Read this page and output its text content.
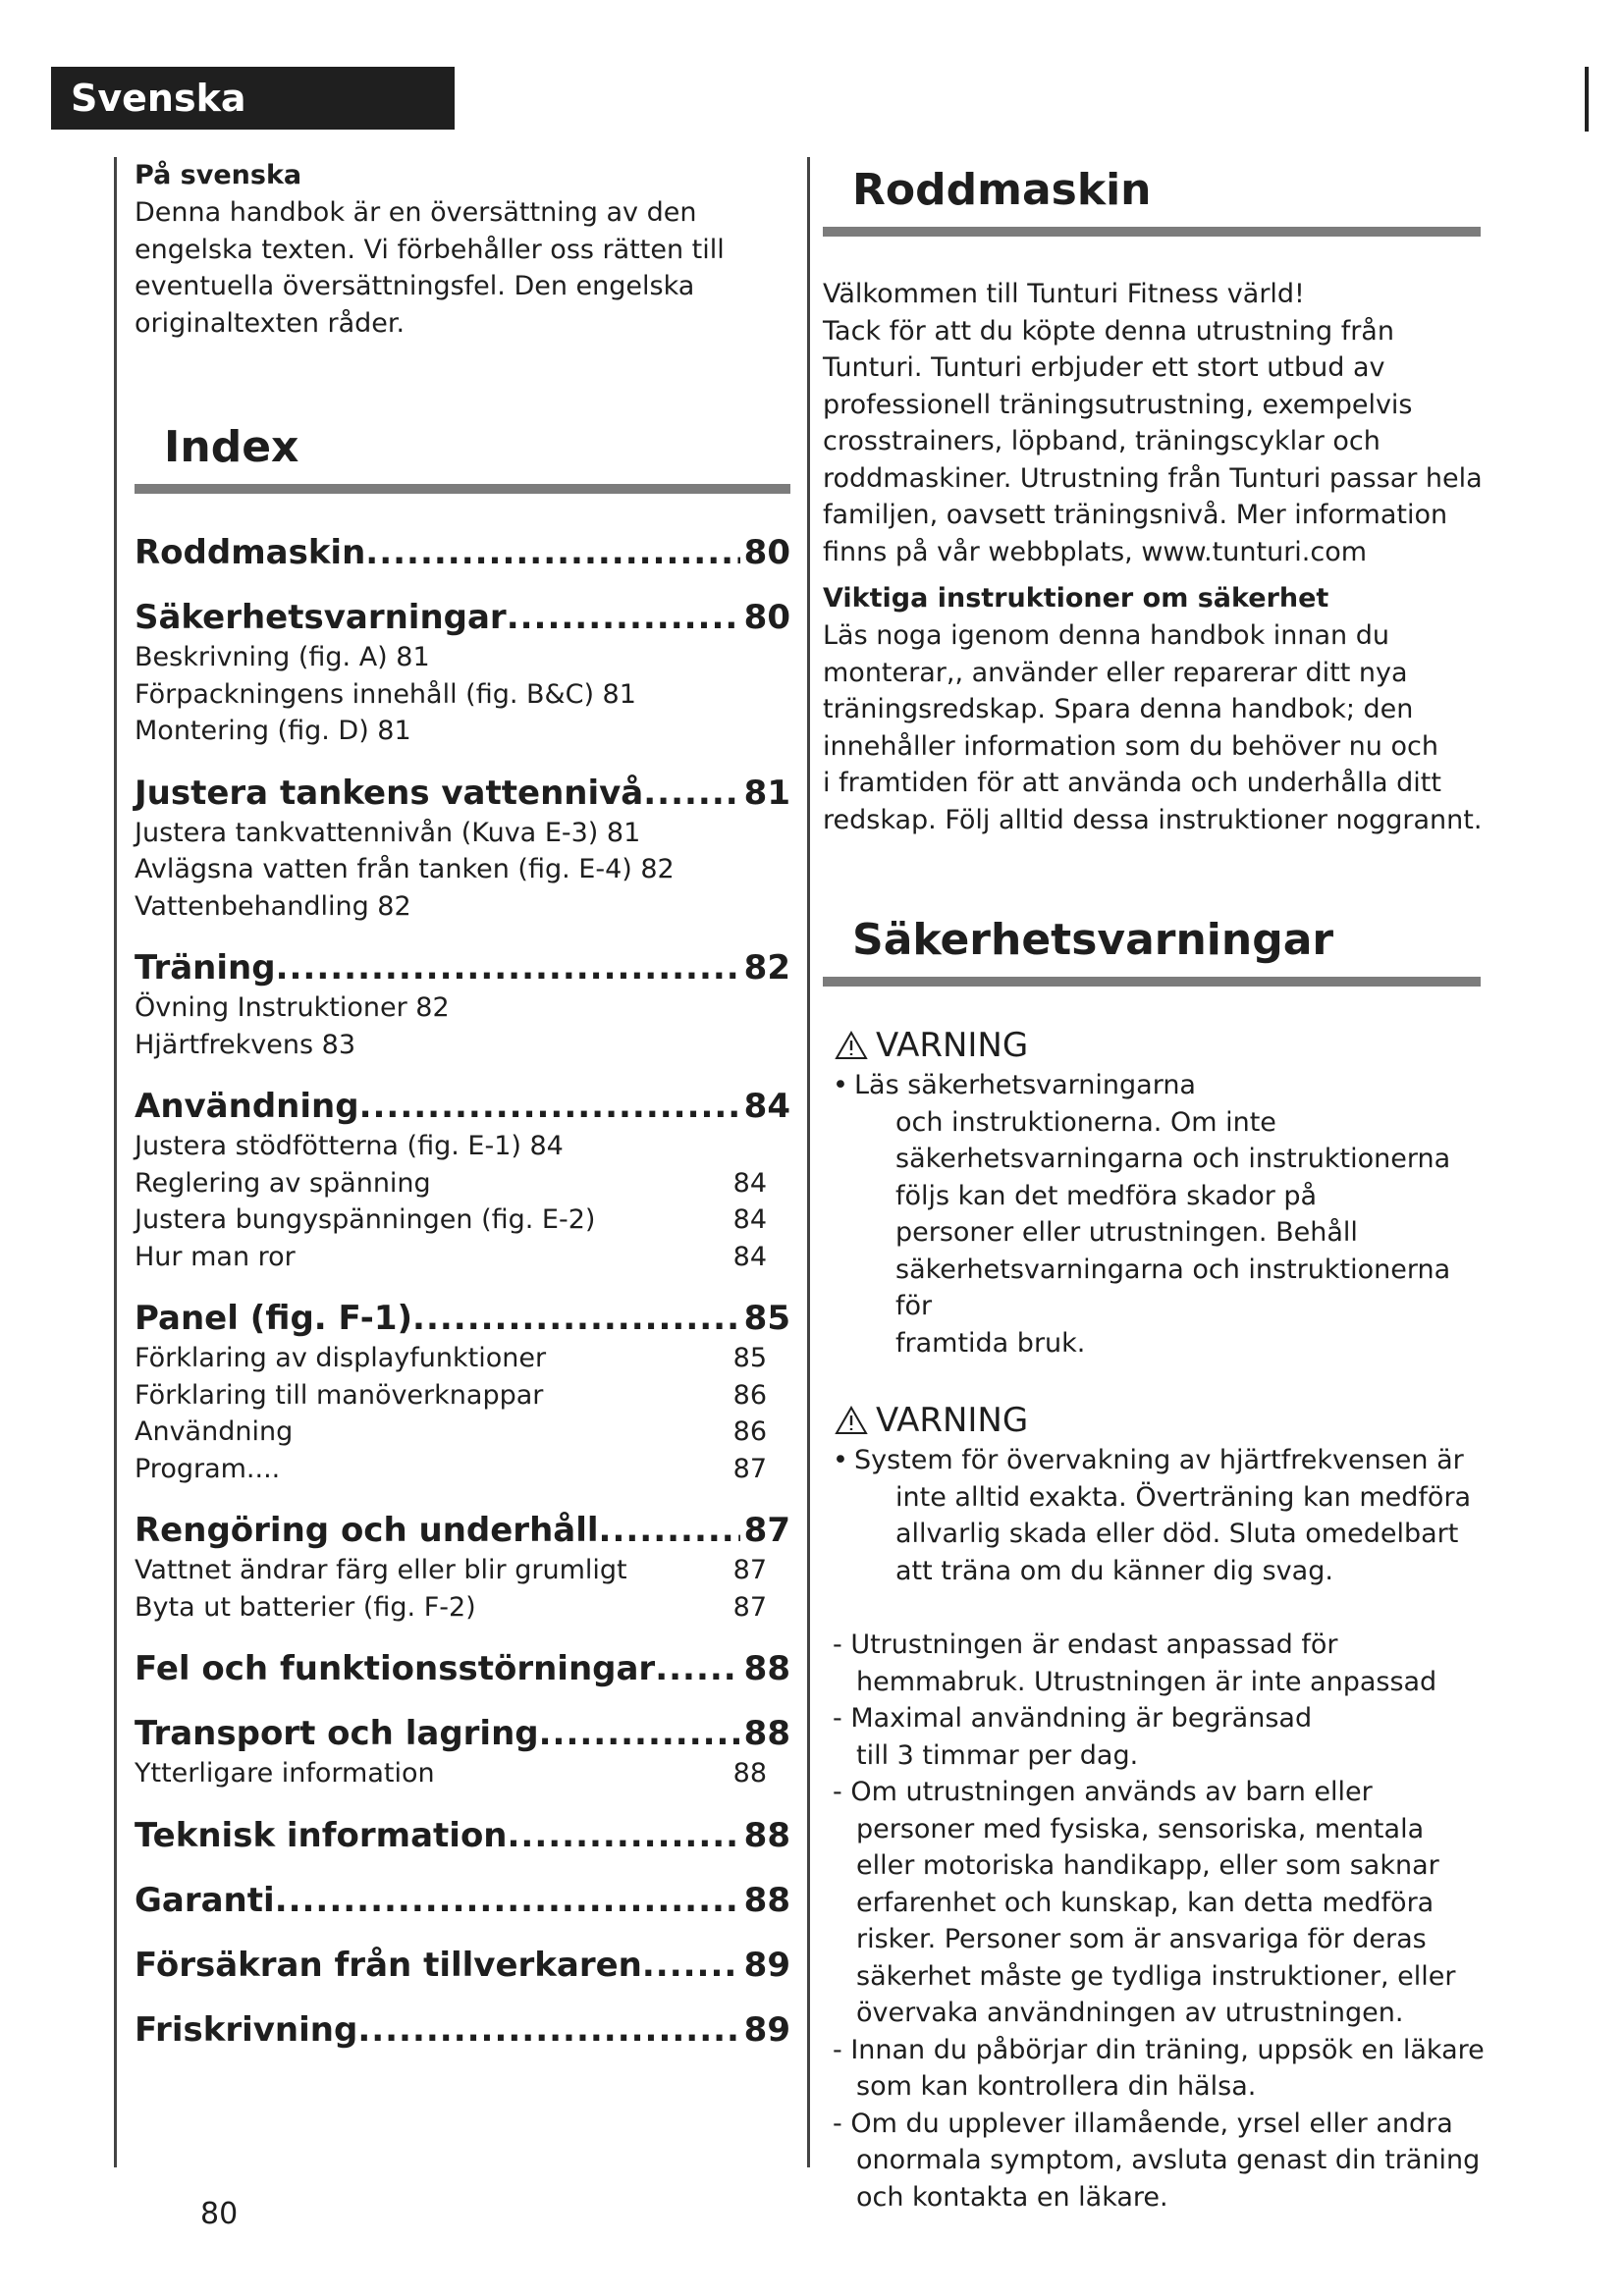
Svenska
På svenska
Denna handbok är en översättning av den
engelska texten. Vi förbehåller oss rätten till
eventuella översättningsfel. Den engelska
originaltexten råder.
Index
Roddmaskin .....	80
Säkerhetsvarningar .....	80
Beskrivning (fig. A) 81
Förpackningens innehåll (fig. B&C) 81
Montering (fig. D) 81
Justera tankens vattennivå .....	81
Justera tankvattennivån (Kuva E-3) 81
Avlägsna vatten från tanken (fig. E-4) 82
Vattenbehandling 82
Träning .....	82
Övning Instruktioner 82
Hjärtfrekvens 83
Användning .....	84
Justera stödfötterna (fig. E-1) 84
Reglering av spänning	84
Justera bungyspänningen (fig. E-2)	84
Hur man ror	84
Panel (fig. F-1) .....	85
Förklaring av displayfunktioner	85
Förklaring till manöverknappar	86
Användning	86
Program....	87
Rengöring och underhåll .....	87
Vattnet ändrar färg eller blir grumligt	87
Byta ut batterier (fig. F-2)	87
Fel och funktionsstörningar .....	88
Transport och lagring .....	88
Ytterligare information	88
Teknisk information .....	88
Garanti .....	88
Försäkran från tillverkaren .....	89
Friskrivning .....	89
Roddmaskin
Välkommen till Tunturi Fitness värld!
Tack för att du köpte denna utrustning från
Tunturi. Tunturi erbjuder ett stort utbud av
professionell träningsutrustning, exempelvis
crosstrainers, löpband, träningscyklar och
roddmaskiner. Utrustning från Tunturi passar hela
familjen, oavsett träningsnivå. Mer information
finns på vår webbplats, www.tunturi.com
Viktiga instruktioner om säkerhet
Läs noga igenom denna handbok innan du
monterar,, använder eller reparerar ditt nya
träningsredskap. Spara denna handbok; den
innehåller information som du behöver nu och
i framtiden för att använda och underhålla ditt
redskap. Följ alltid dessa instruktioner noggrannt.
Säkerhetsvarningar
VARNING
• Läs säkerhetsvarningarna
och instruktionerna. Om inte
säkerhetsvarningarna och instruktionerna
följs kan det medföra skador på
personer eller utrustningen. Behåll
säkerhetsvarningarna och instruktionerna för
framtida bruk.
VARNING
• System för övervakning av hjärtfrekvensen är
inte alltid exakta. Överträning kan medföra
allvarlig skada eller död. Sluta omedelbart
att träna om du känner dig svag.
- Utrustningen är endast anpassad för
hemmabruk. Utrustningen är inte anpassad
- Maximal användning är begränsad
till 3 timmar per dag.
- Om utrustningen används av barn eller
personer med fysiska, sensoriska, mentala
eller motoriska handikapp, eller som saknar
erfarenhet och kunskap, kan detta medföra
risker. Personer som är ansvariga för deras
säkerhet måste ge tydliga instruktioner, eller
övervaka användningen av utrustningen.
- Innan du påbörjar din träning, uppsök en läkare
som kan kontrollera din hälsa.
- Om du upplever illamående, yrsel eller andra
onormala symptom, avsluta genast din träning
och kontakta en läkare.
80
